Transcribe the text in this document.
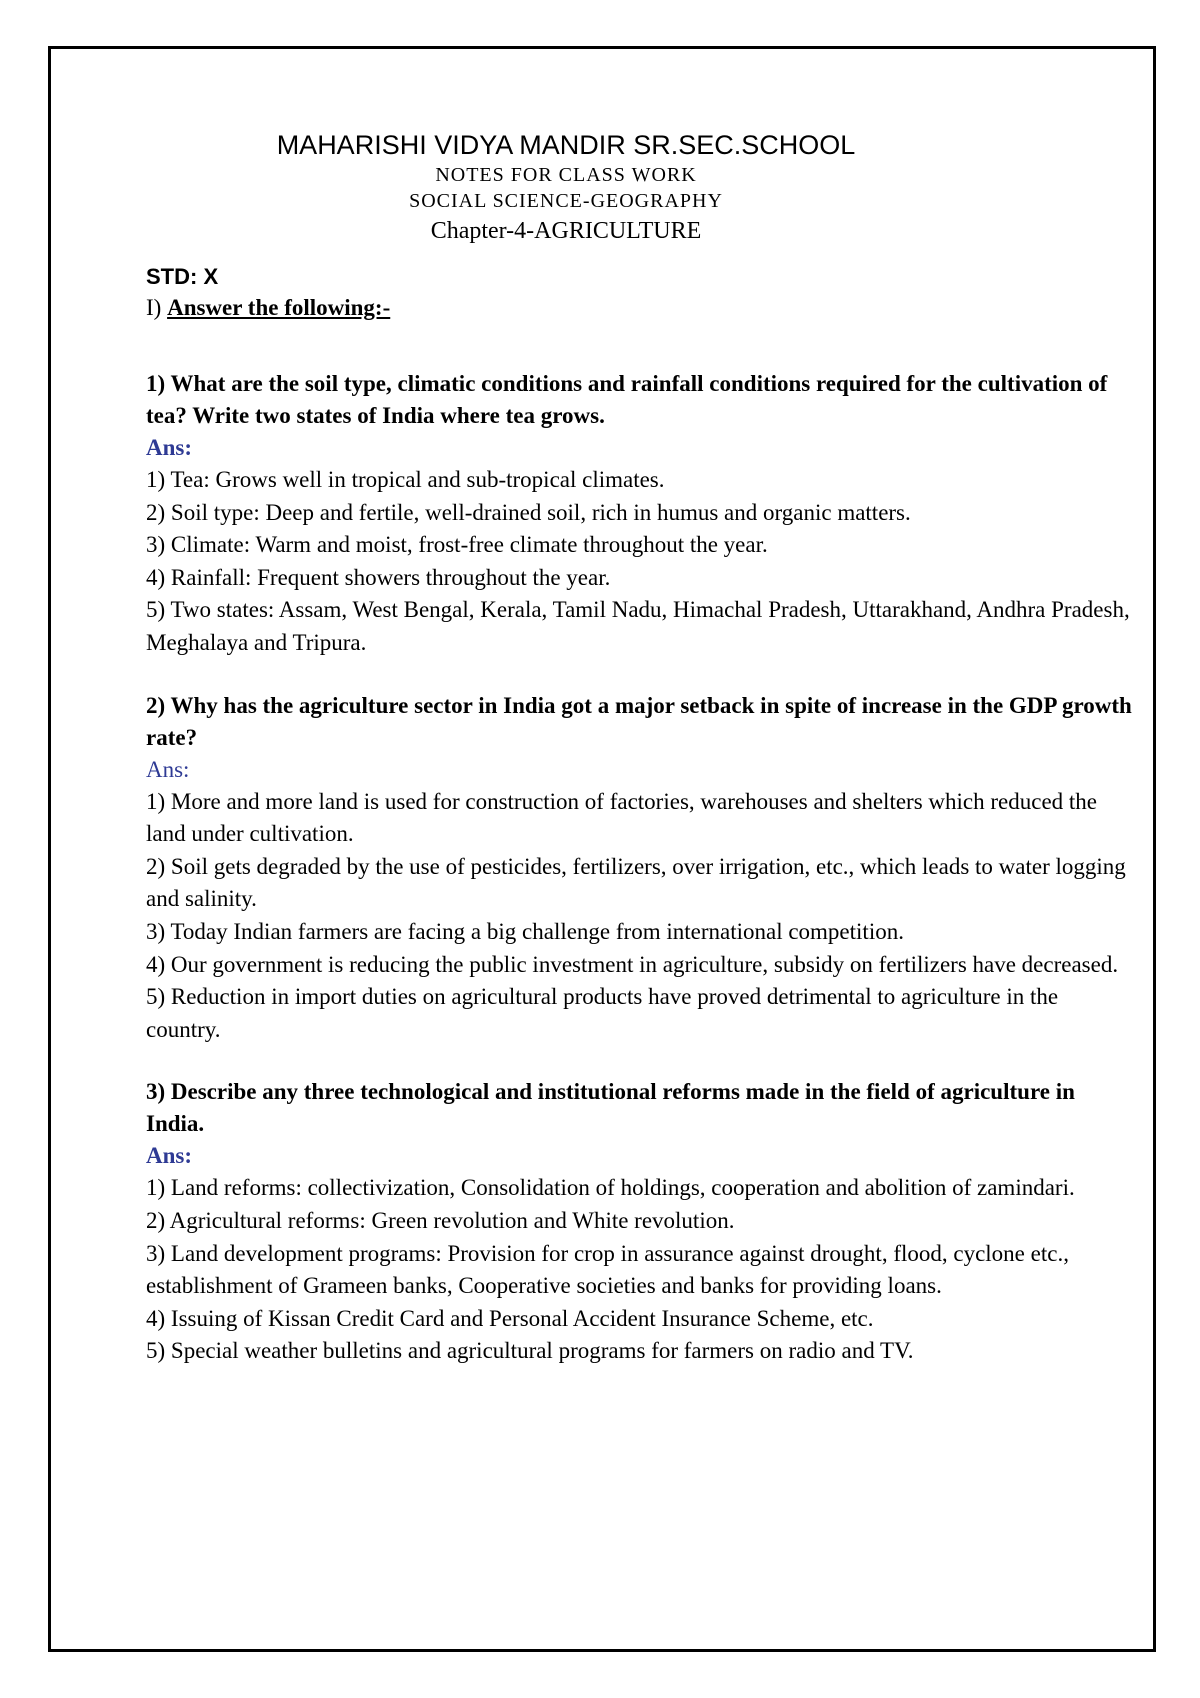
MAHARISHI VIDYA MANDIR SR.SEC.SCHOOL
NOTES FOR CLASS WORK
SOCIAL SCIENCE-GEOGRAPHY
Chapter-4-AGRICULTURE
STD: X
I) Answer the following:-
1) What are the soil type, climatic conditions and rainfall conditions required for the cultivation of tea? Write two states of India where tea grows.
Ans:
1) Tea: Grows well in tropical and sub-tropical climates.
2) Soil type: Deep and fertile, well-drained soil, rich in humus and organic matters.
3) Climate: Warm and moist, frost-free climate throughout the year.
4) Rainfall: Frequent showers throughout the year.
5) Two states: Assam, West Bengal, Kerala, Tamil Nadu, Himachal Pradesh, Uttarakhand, Andhra Pradesh, Meghalaya and Tripura.
2) Why has the agriculture sector in India got a major setback in spite of increase in the GDP growth rate?
Ans:
1) More and more land is used for construction of factories, warehouses and shelters which reduced the land under cultivation.
2) Soil gets degraded by the use of pesticides, fertilizers, over irrigation, etc., which leads to water logging and salinity.
3) Today Indian farmers are facing a big challenge from international competition.
4) Our government is reducing the public investment in agriculture, subsidy on fertilizers have decreased.
5) Reduction in import duties on agricultural products have proved detrimental to agriculture in the country.
3) Describe any three technological and institutional reforms made in the field of agriculture in India.
Ans:
1) Land reforms: collectivization, Consolidation of holdings, cooperation and abolition of zamindari.
2) Agricultural reforms: Green revolution and White revolution.
3) Land development programs: Provision for crop in assurance against drought, flood, cyclone etc., establishment of Grameen banks, Cooperative societies and banks for providing loans.
4) Issuing of Kissan Credit Card and Personal Accident Insurance Scheme, etc.
5) Special weather bulletins and agricultural programs for farmers on radio and TV.
